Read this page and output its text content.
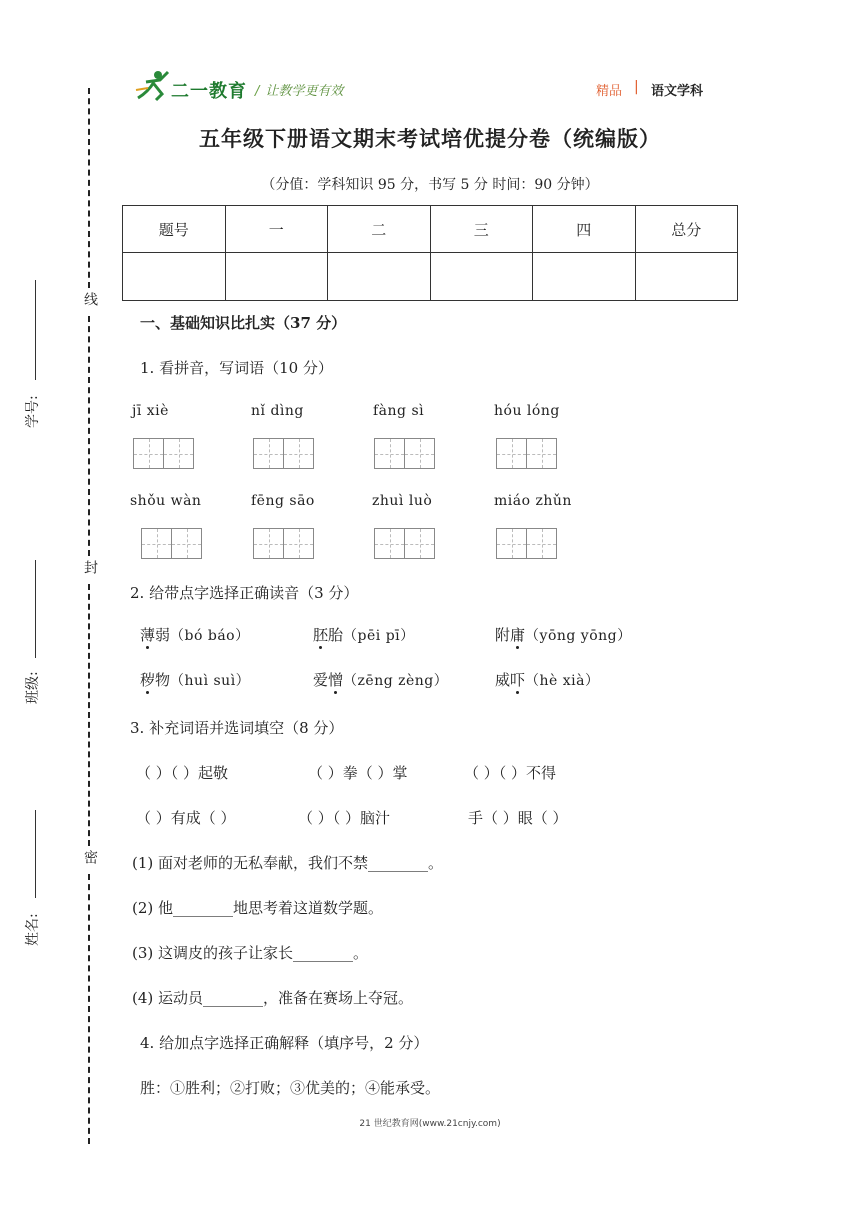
二一教育 / 让教学更有效	精品 | 语文学科
五年级下册语文期末考试培优提分卷（统编版）
（分值：学科知识 95 分，书写 5 分 时间：90 分钟）
题号	一	二	三	四	总分

线
封
密
学号:
班级:
姓名:
一、基础知识比扎实（37 分）
1. 看拼音，写词语（10 分）
jī xiè	nǐ dìng	fàng sì	hóu lóng
shǒu wàn	fēng sāo	zhuì luò	miáo zhǔn
2. 给带点字选择正确读音（3 分）
薄弱（bó báo）	胚胎（pēi pī）	附庸（yōng yōng）
秽物（huì suì）	爱憎（zēng zèng）	威吓（hè xià）
3. 补充词语并选词填空（8 分）
（ ）（ ）起敬	（ ）拳（ ）掌	（ ）（ ）不得
（ ）有成（ ）	（ ）（ ）脑汁	手（ ）眼（ ）
(1) 面对老师的无私奉献，我们不禁________。
(2) 他________地思考着这道数学题。
(3) 这调皮的孩子让家长________。
(4) 运动员________，准备在赛场上夺冠。
4. 给加点字选择正确解释（填序号，2 分）
胜：①胜利；②打败；③优美的；④能承受。
21 世纪教育网(www.21cnjy.com)
